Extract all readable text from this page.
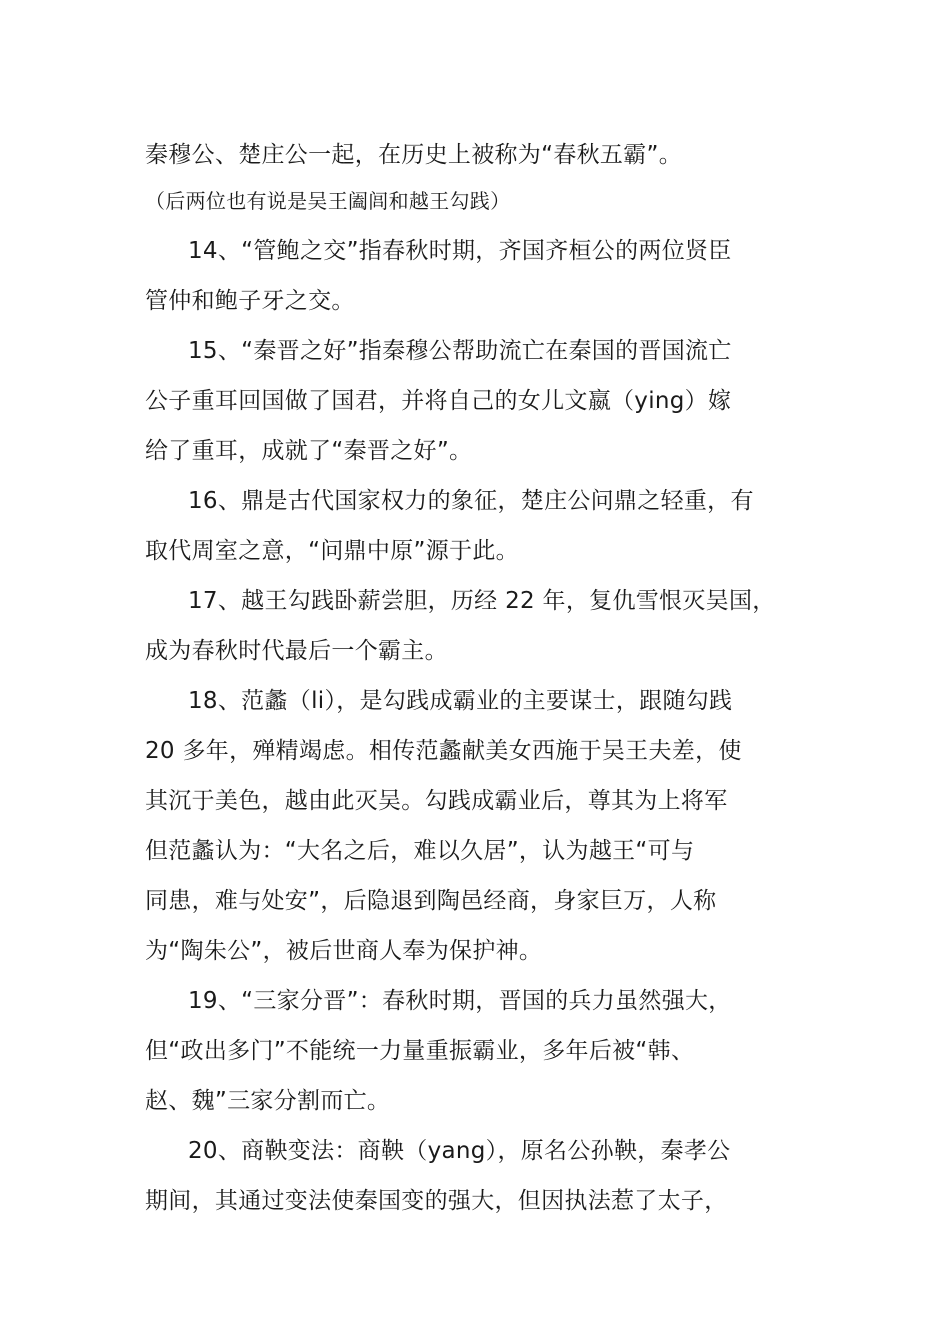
秦穆公、楚庄公一起，在历史上被称为“春秋五霸”。
（后两位也有说是吴王阖闾和越王勾践）
14、“管鲍之交”指春秋时期，齐国齐桓公的两位贤臣
管仲和鲍子牙之交。
15、“秦晋之好”指秦穆公帮助流亡在秦国的晋国流亡
公子重耳回国做了国君，并将自己的女儿文嬴（ying）嫁
给了重耳，成就了“秦晋之好”。
16、鼎是古代国家权力的象征，楚庄公问鼎之轻重，有
取代周室之意，“问鼎中原”源于此。
17、越王勾践卧薪尝胆，历经 22 年，复仇雪恨灭吴国，
成为春秋时代最后一个霸主。
18、范蠡（li），是勾践成霸业的主要谋士，跟随勾践
20 多年，殚精竭虑。相传范蠡献美女西施于吴王夫差，使
其沉于美色，越由此灭吴。勾践成霸业后，尊其为上将军
但范蠡认为：“大名之后，难以久居”，认为越王“可与
同患，难与处安”，后隐退到陶邑经商，身家巨万，人称
为“陶朱公”，被后世商人奉为保护神。
19、“三家分晋”：春秋时期，晋国的兵力虽然强大，
但“政出多门”不能统一力量重振霸业，多年后被“韩、
赵、魏”三家分割而亡。
20、商鞅变法：商鞅（yang），原名公孙鞅，秦孝公
期间，其通过变法使秦国变的强大，但因执法惹了太子，
